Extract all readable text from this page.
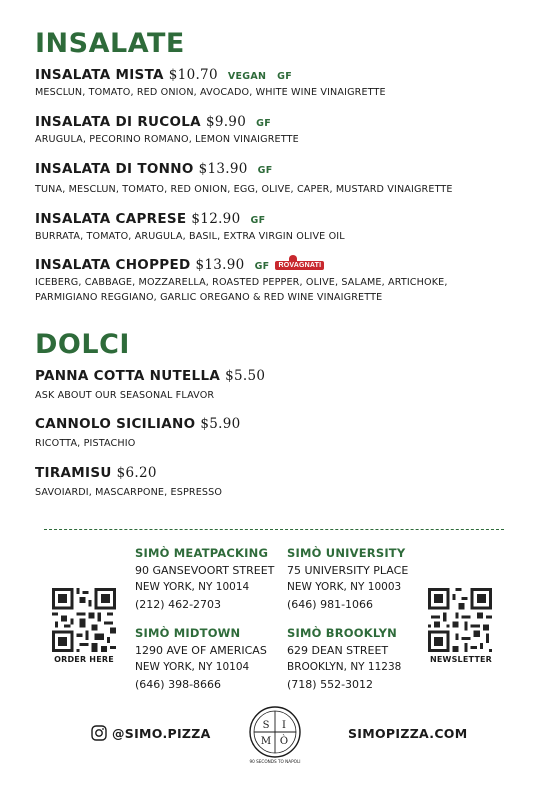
INSALATE
INSALATA MISTA $10.70 VEGAN   GF
MESCLUN, TOMATO, RED ONION, AVOCADO, WHITE WINE VINAIGRETTE
INSALATA DI RUCOLA $9.90 GF
ARUGULA, PECORINO ROMANO, LEMON VINAIGRETTE
INSALATA DI TONNO $13.90 GF
TUNA, MESCLUN, TOMATO, RED ONION, EGG, OLIVE, CAPER, MUSTARD VINAIGRETTE
INSALATA CAPRESE $12.90 GF
BURRATA, TOMATO, ARUGULA, BASIL, EXTRA VIRGIN OLIVE OIL
INSALATA CHOPPED $13.90 GF ROVAGNATI
ICEBERG, CABBAGE, MOZZARELLA, ROASTED PEPPER, OLIVE, SALAME, ARTICHOKE,
PARMIGIANO REGGIANO, GARLIC OREGANO & RED WINE VINAIGRETTE
DOLCI
PANNA COTTA NUTELLA $5.50
ASK ABOUT OUR SEASONAL FLAVOR
CANNOLO SICILIANO $5.90
RICOTTA, PISTACHIO
TIRAMISU $6.20
SAVOIARDI, MASCARPONE, ESPRESSO
ORDER HERE
SIMÒ MEATPACKING
90 GANSEVOORT STREET
NEW YORK, NY 10014
(212) 462-2703
SIMÒ UNIVERSITY
75 UNIVERSITY PLACE
NEW YORK, NY 10003
(646) 981-1066
SIMÒ MIDTOWN
1290 AVE OF AMERICAS
NEW YORK, NY 10104
(646) 398-8666
SIMÒ BROOKLYN
629 DEAN STREET
BROOKLYN, NY 11238
(718) 552-3012
NEWSLETTER
@SIMO.PIZZA
S I
M Ò
90 SECONDS TO NAPOLI
SIMOPIZZA.COM
